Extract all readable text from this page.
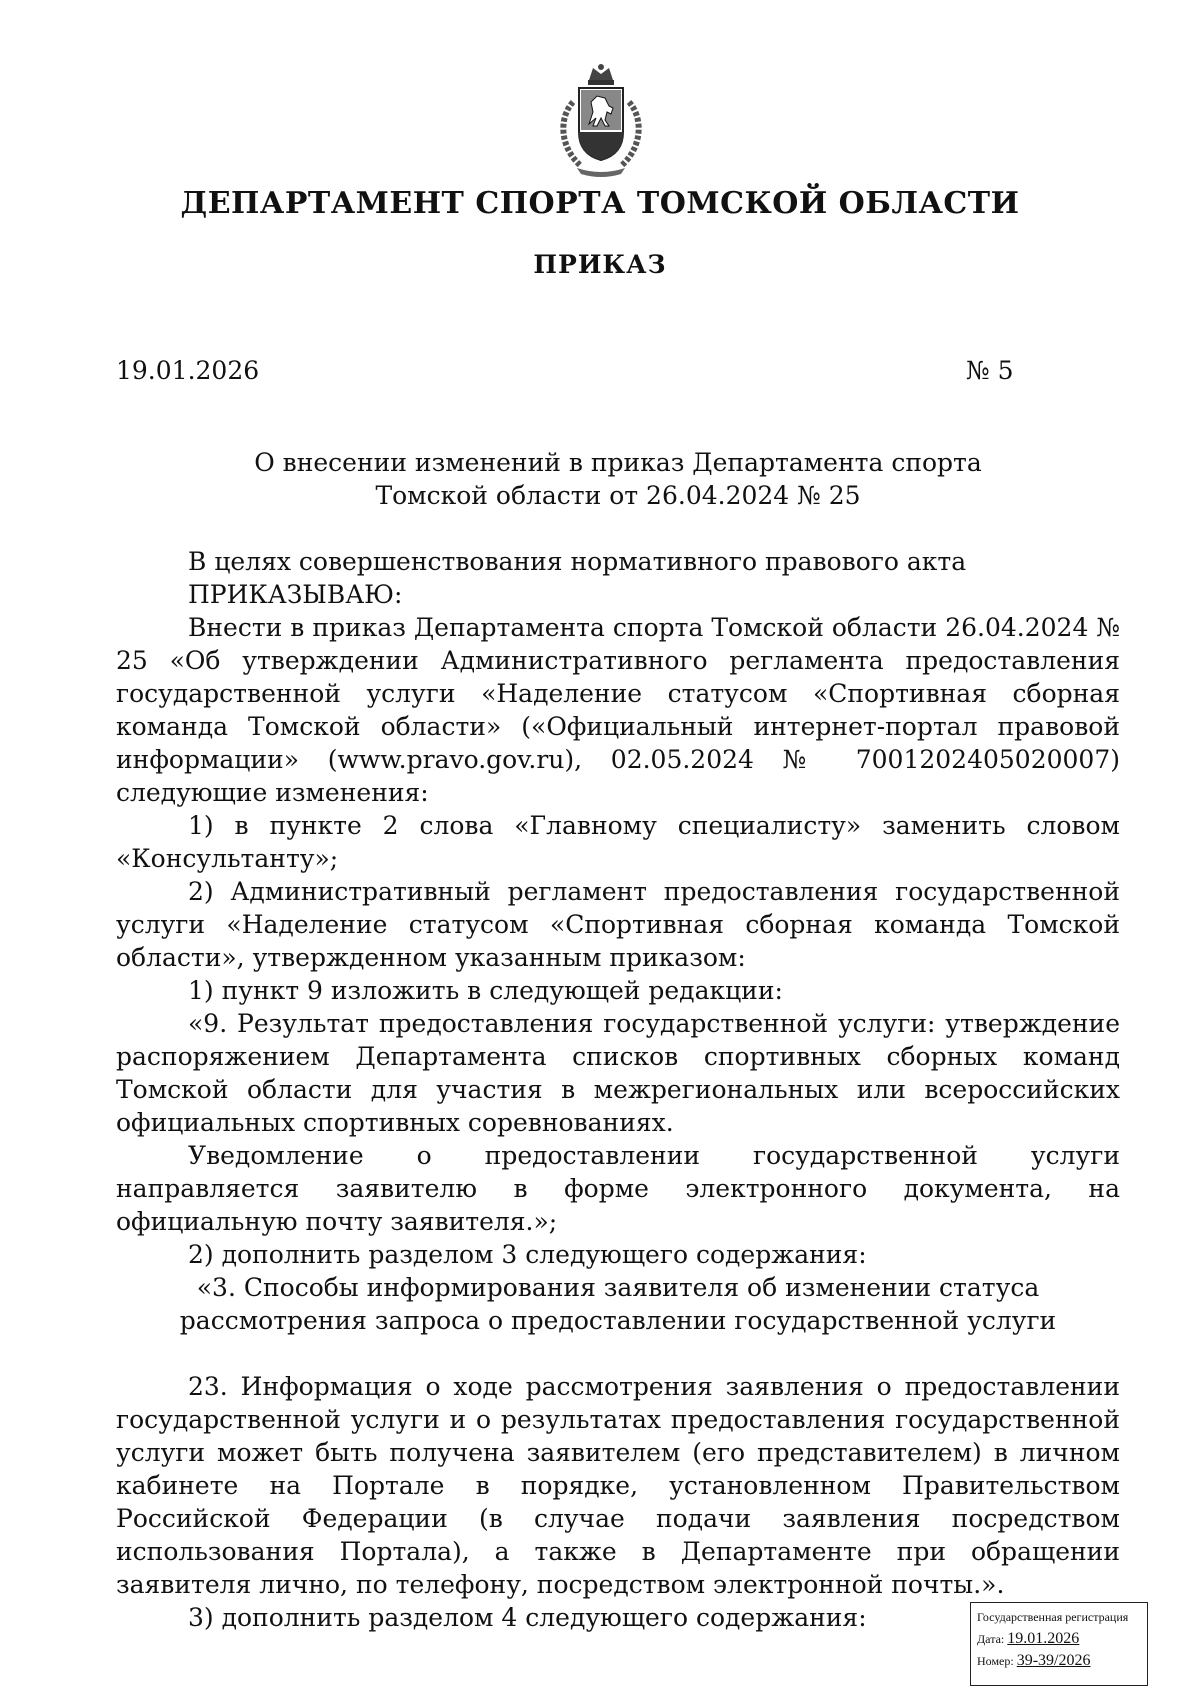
ДЕПАРТАМЕНТ СПОРТА ТОМСКОЙ ОБЛАСТИ
ПРИКАЗ
19.01.2026	№ 5
О внесении изменений в приказ Департамента спорта
Томской области от 26.04.2024 № 25

В целях совершенствования нормативного правового акта

ПРИКАЗЫВАЮ:

Внести в приказ Департамента спорта Томской области 26.04.2024 № 25 «Об утверждении Административного регламента предоставления государственной услуги «Наделение статусом «Спортивная сборная команда Томской области» («Официальный интернет-портал правовой информации» (www.pravo.gov.ru), 02.05.2024 № 7001202405020007) следующие изменения:

1) в пункте 2 слова «Главному специалисту» заменить словом «Консультанту»;

2) Административный регламент предоставления государственной услуги «Наделение статусом «Спортивная сборная команда Томской области», утвержденном указанным приказом:

1) пункт 9 изложить в следующей редакции:

«9. Результат предоставления государственной услуги: утверждение распоряжением Департамента списков спортивных сборных команд Томской области для участия в межрегиональных или всероссийских официальных спортивных соревнованиях.

Уведомление о предоставлении государственной услуги направляется заявителю в форме электронного документа, на официальную почту заявителя.»;

2) дополнить разделом 3 следующего содержания:

«3. Способы информирования заявителя об изменении статуса

рассмотрения запроса о предоставлении государственной услуги

23. Информация о ходе рассмотрения заявления о предоставлении государственной услуги и о результатах предоставления государственной услуги может быть получена заявителем (его представителем) в личном кабинете на Портале в порядке, установленном Правительством Российской Федерации (в случае подачи заявления посредством использования Портала), а также в Департаменте при обращении заявителя лично, по телефону, посредством электронной почты.».

3) дополнить разделом 4 следующего содержания:	Государственная регистрация
Дата: 19.01.2026
Номер: 39-39/2026
